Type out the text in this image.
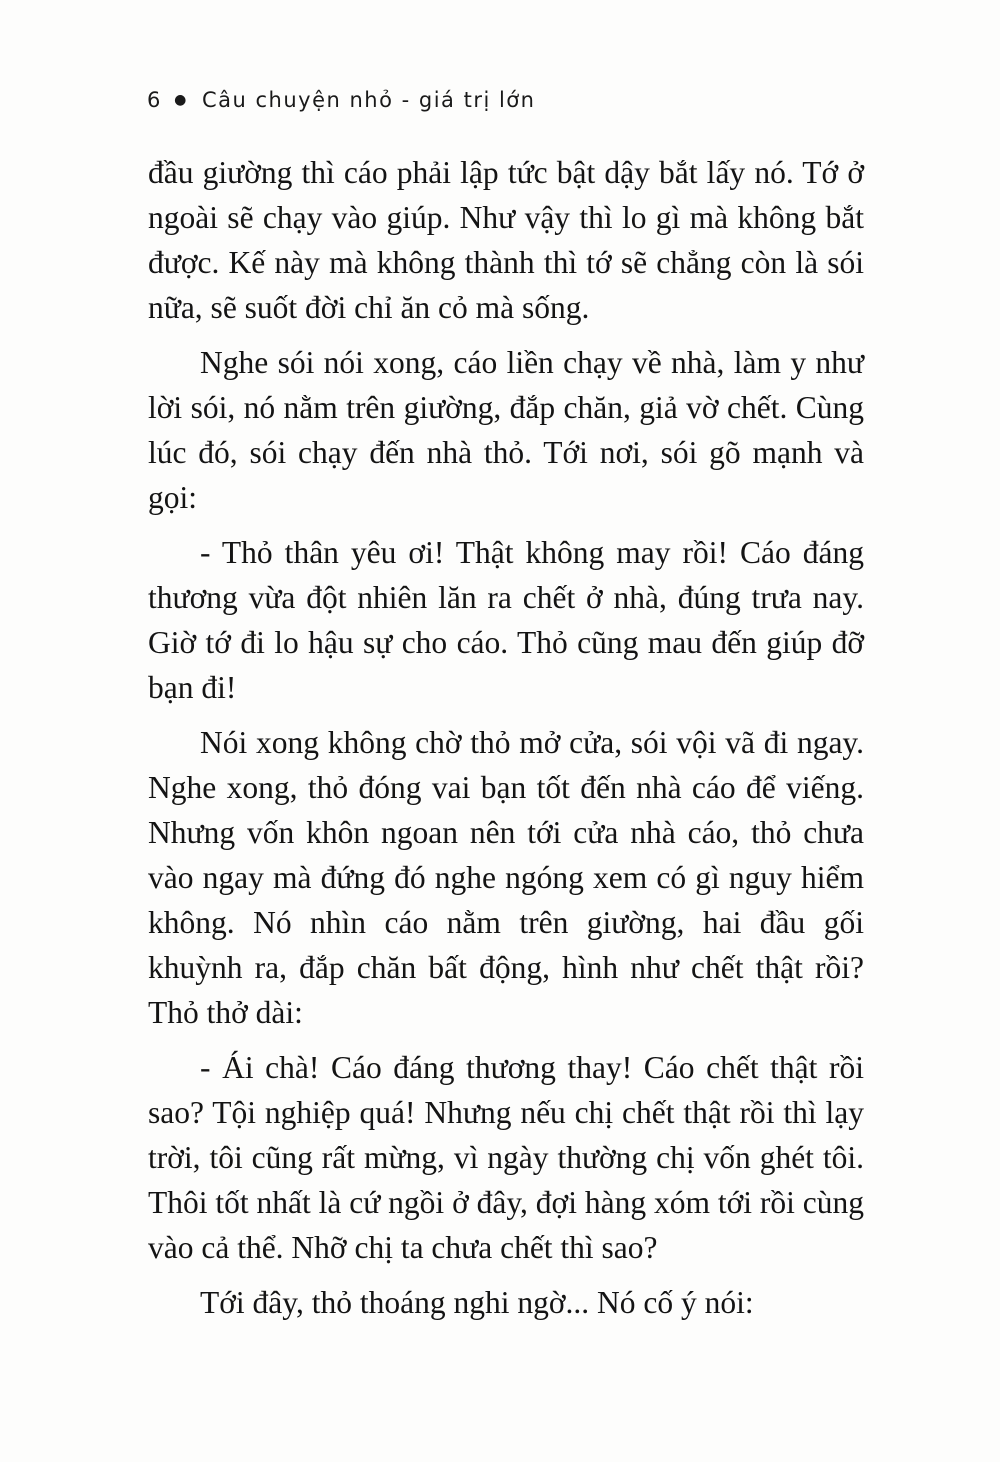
6 ● Câu chuyện nhỏ - giá trị lớn

đầu giường thì cáo phải lập tức bật dậy bắt lấy nó. Tớ ở ngoài sẽ chạy vào giúp. Như vậy thì lo gì mà không bắt được. Kế này mà không thành thì tớ sẽ chẳng còn là sói nữa, sẽ suốt đời chỉ ăn cỏ mà sống.

Nghe sói nói xong, cáo liền chạy về nhà, làm y như lời sói, nó nằm trên giường, đắp chăn, giả vờ chết. Cùng lúc đó, sói chạy đến nhà thỏ. Tới nơi, sói gõ mạnh và gọi:

- Thỏ thân yêu ơi! Thật không may rồi! Cáo đáng thương vừa đột nhiên lăn ra chết ở nhà, đúng trưa nay. Giờ tớ đi lo hậu sự cho cáo. Thỏ cũng mau đến giúp đỡ bạn đi!

Nói xong không chờ thỏ mở cửa, sói vội vã đi ngay. Nghe xong, thỏ đóng vai bạn tốt đến nhà cáo để viếng. Nhưng vốn khôn ngoan nên tới cửa nhà cáo, thỏ chưa vào ngay mà đứng đó nghe ngóng xem có gì nguy hiểm không. Nó nhìn cáo nằm trên giường, hai đầu gối khuỳnh ra, đắp chăn bất động, hình như chết thật rồi? Thỏ thở dài:

- Ái chà! Cáo đáng thương thay! Cáo chết thật rồi sao? Tội nghiệp quá! Nhưng nếu chị chết thật rồi thì lạy trời, tôi cũng rất mừng, vì ngày thường chị vốn ghét tôi. Thôi tốt nhất là cứ ngồi ở đây, đợi hàng xóm tới rồi cùng vào cả thể. Nhỡ chị ta chưa chết thì sao?

Tới đây, thỏ thoáng nghi ngờ... Nó cố ý nói:
